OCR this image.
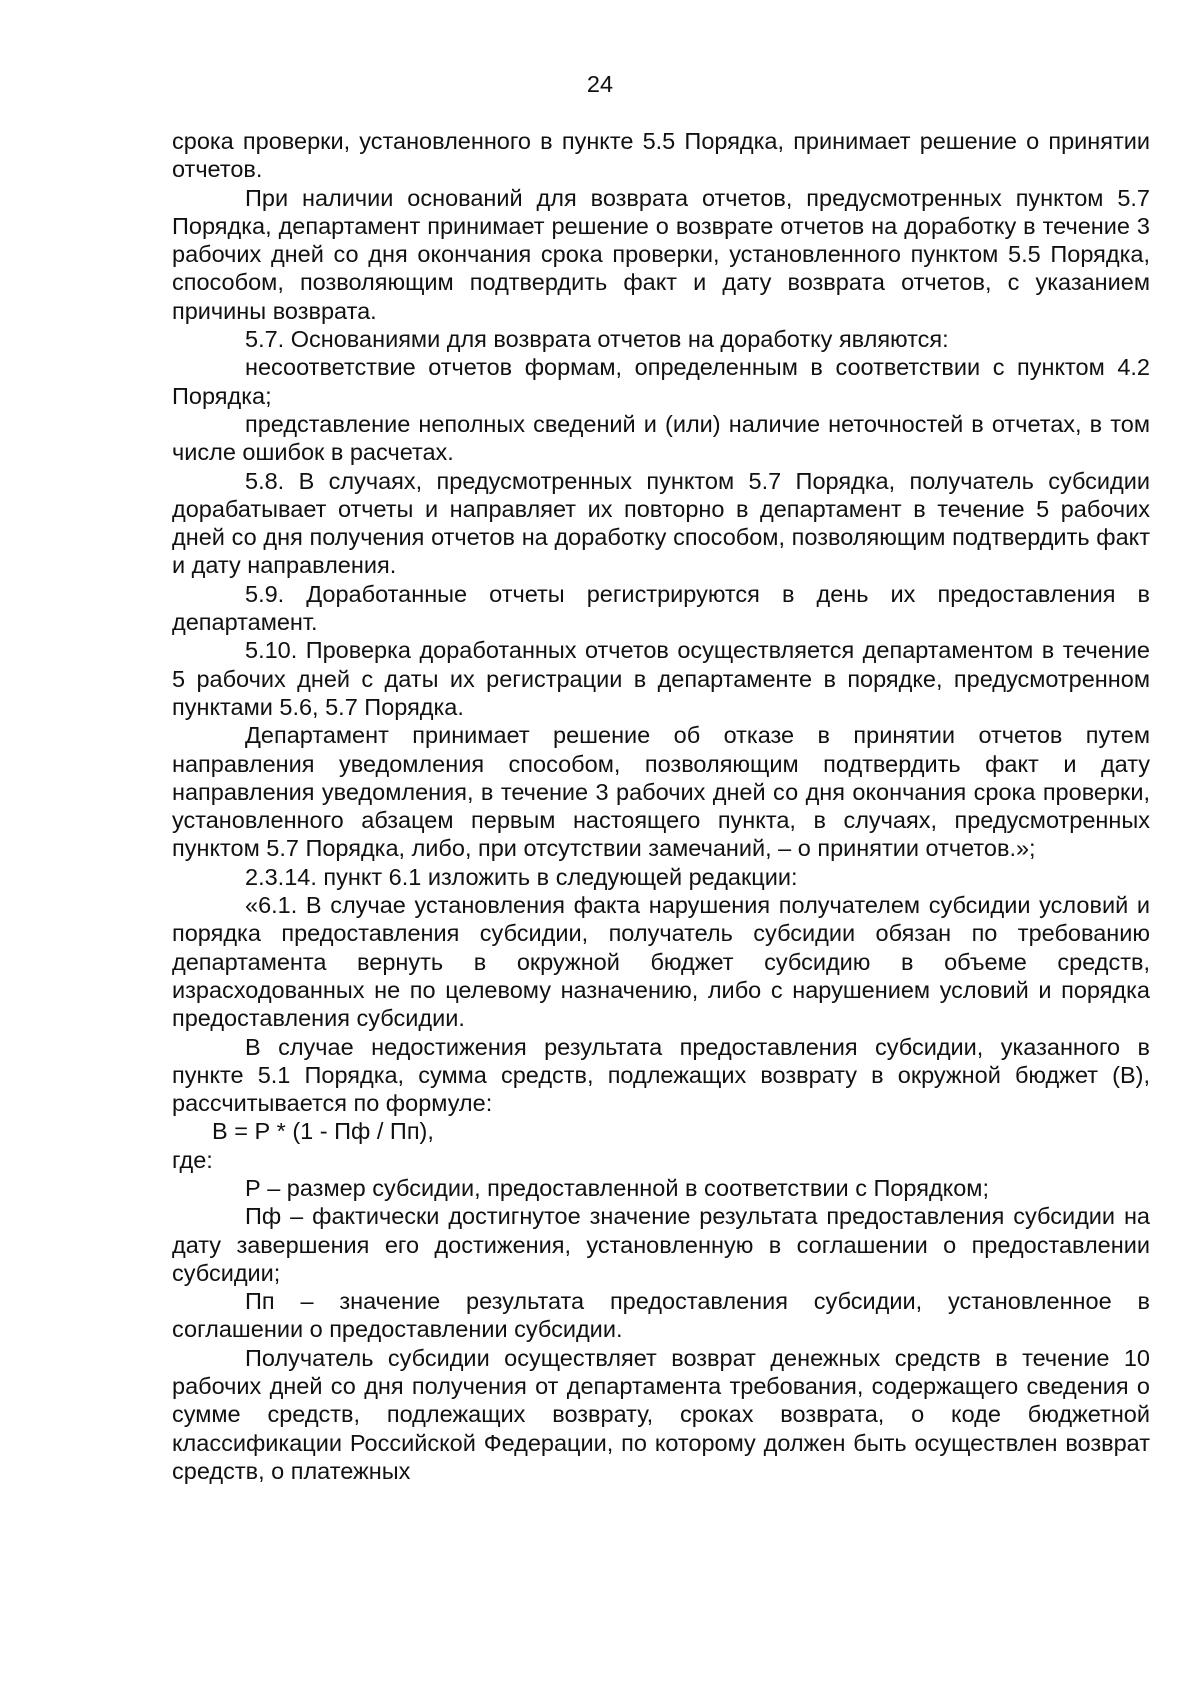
24

срока проверки, установленного в пункте 5.5 Порядка, принимает решение о принятии отчетов.

При наличии оснований для возврата отчетов, предусмотренных пунктом 5.7 Порядка, департамент принимает решение о возврате отчетов на доработку в течение 3 рабочих дней со дня окончания срока проверки, установленного пунктом 5.5 Порядка, способом, позволяющим подтвердить факт и дату возврата отчетов, с указанием причины возврата.

5.7. Основаниями для возврата отчетов на доработку являются:

несоответствие отчетов формам, определенным в соответствии с пунктом 4.2 Порядка;

представление неполных сведений и (или) наличие неточностей в отчетах, в том числе ошибок в расчетах.

5.8. В случаях, предусмотренных пунктом 5.7 Порядка, получатель субсидии дорабатывает отчеты и направляет их повторно в департамент в течение 5 рабочих дней со дня получения отчетов на доработку способом, позволяющим подтвердить факт и дату направления.

5.9. Доработанные отчеты регистрируются в день их предоставления в департамент.

5.10. Проверка доработанных отчетов осуществляется департаментом в течение 5 рабочих дней с даты их регистрации в департаменте в порядке, предусмотренном пунктами 5.6, 5.7 Порядка.

Департамент принимает решение об отказе в принятии отчетов путем направления уведомления способом, позволяющим подтвердить факт и дату направления уведомления, в течение 3 рабочих дней со дня окончания срока проверки, установленного абзацем первым настоящего пункта, в случаях, предусмотренных пунктом 5.7 Порядка, либо, при отсутствии замечаний, – о принятии отчетов.»;

2.3.14. пункт 6.1 изложить в следующей редакции:

«6.1. В случае установления факта нарушения получателем субсидии условий и порядка предоставления субсидии, получатель субсидии обязан по требованию департамента вернуть в окружной бюджет субсидию в объеме средств, израсходованных не по целевому назначению, либо с нарушением условий и порядка предоставления субсидии.

В случае недостижения результата предоставления субсидии, указанного в пункте 5.1 Порядка, сумма средств, подлежащих возврату в окружной бюджет (В), рассчитывается по формуле:

В = Р * (1 - Пф / Пп),

где:

Р – размер субсидии, предоставленной в соответствии с Порядком;

Пф – фактически достигнутое значение результата предоставления субсидии на дату завершения его достижения, установленную в соглашении о предоставлении субсидии;

Пп – значение результата предоставления субсидии, установленное в соглашении о предоставлении субсидии.

Получатель субсидии осуществляет возврат денежных средств в течение 10 рабочих дней со дня получения от департамента требования, содержащего сведения о сумме средств, подлежащих возврату, сроках возврата, о коде бюджетной классификации Российской Федерации, по которому должен быть осуществлен возврат средств, о платежных
